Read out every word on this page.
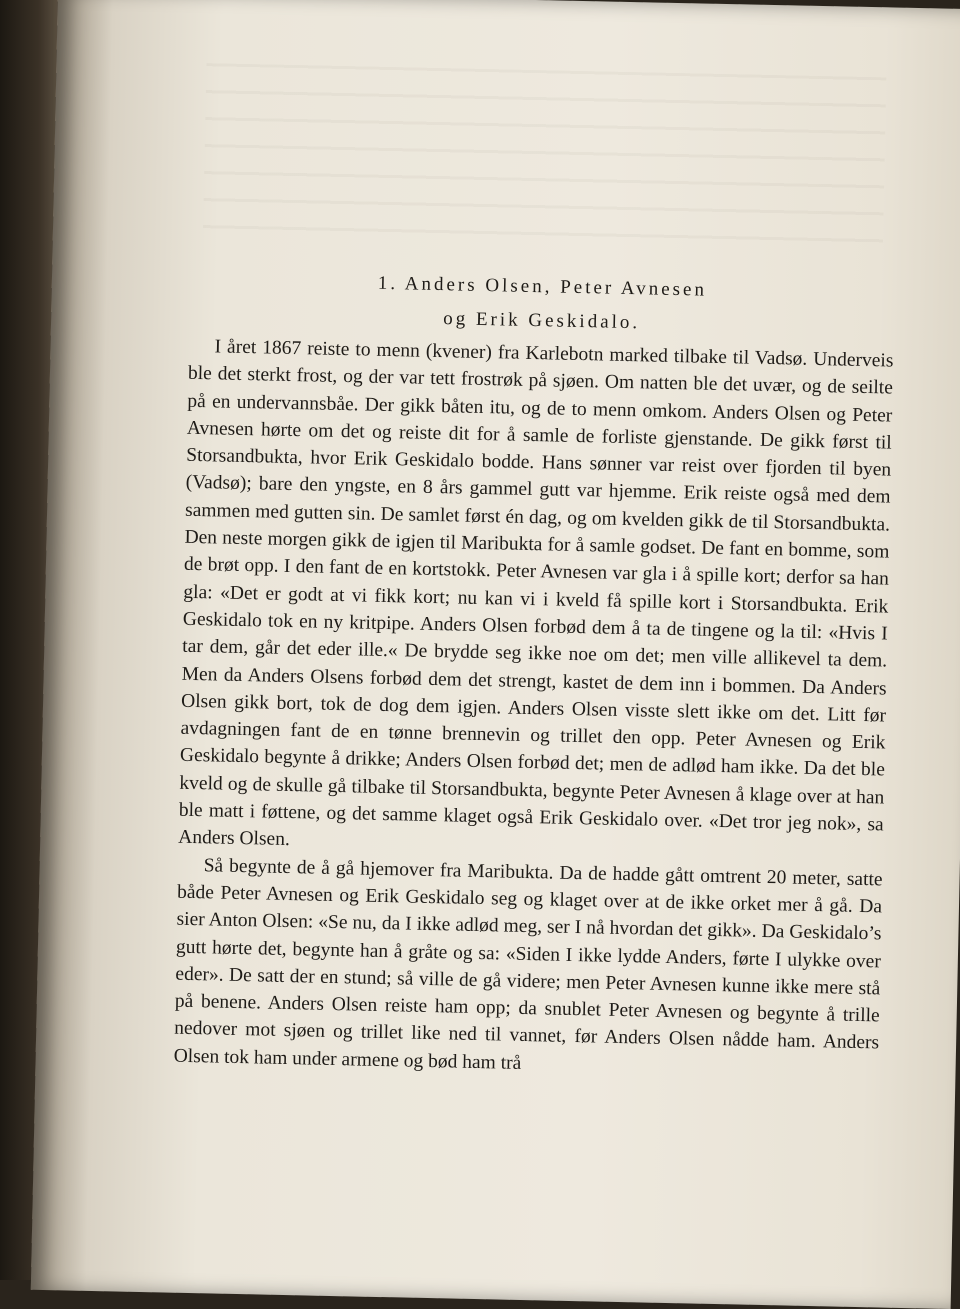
1. Anders Olsen, Peter Avnesen
og Erik Geskidalo.

I året 1867 reiste to menn (kvener) fra Karlebotn marked tilbake til Vadsø. Underveis ble det sterkt frost, og der var tett frostrøk på sjøen. Om natten ble det uvær, og de seilte på en undervannsbåe. Der gikk båten itu, og de to menn omkom. Anders Olsen og Peter Avnesen hørte om det og reiste dit for å samle de forliste gjenstande. De gikk først til Storsandbukta, hvor Erik Geskidalo bodde. Hans sønner var reist over fjorden til byen (Vadsø); bare den yngste, en 8 års gammel gutt var hjemme. Erik reiste også med dem sammen med gutten sin. De samlet først én dag, og om kvelden gikk de til Storsandbukta. Den neste morgen gikk de igjen til Maribukta for å samle godset. De fant en bomme, som de brøt opp. I den fant de en kortstokk. Peter Avnesen var gla i å spille kort; derfor sa han gla: «Det er godt at vi fikk kort; nu kan vi i kveld få spille kort i Storsandbukta. Erik Geskidalo tok en ny kritpipe. Anders Olsen forbød dem å ta de tingene og la til: «Hvis I tar dem, går det eder ille.« De brydde seg ikke noe om det; men ville allikevel ta dem. Men da Anders Olsens forbød dem det strengt, kastet de dem inn i bommen. Da Anders Olsen gikk bort, tok de dog dem igjen. Anders Olsen visste slett ikke om det. Litt før avdagningen fant de en tønne brennevin og trillet den opp. Peter Avnesen og Erik Geskidalo begynte å drikke; Anders Olsen forbød det; men de adlød ham ikke. Da det ble kveld og de skulle gå tilbake til Storsandbukta, begynte Peter Avnesen å klage over at han ble matt i føttene, og det samme klaget også Erik Geskidalo over. «Det tror jeg nok», sa Anders Olsen.

Så begynte de å gå hjemover fra Maribukta. Da de hadde gått omtrent 20 meter, satte både Peter Avnesen og Erik Geskidalo seg og klaget over at de ikke orket mer å gå. Da sier Anton Olsen: «Se nu, da I ikke adlød meg, ser I nå hvordan det gikk». Da Geskidalo’s gutt hørte det, begynte han å gråte og sa: «Siden I ikke lydde Anders, førte I ulykke over eder». De satt der en stund; så ville de gå videre; men Peter Avnesen kunne ikke mere stå på benene. Anders Olsen reiste ham opp; da snublet Peter Avnesen og begynte å trille nedover mot sjøen og trillet like ned til vannet, før Anders Olsen nådde ham. Anders Olsen tok ham under armene og bød ham trå
